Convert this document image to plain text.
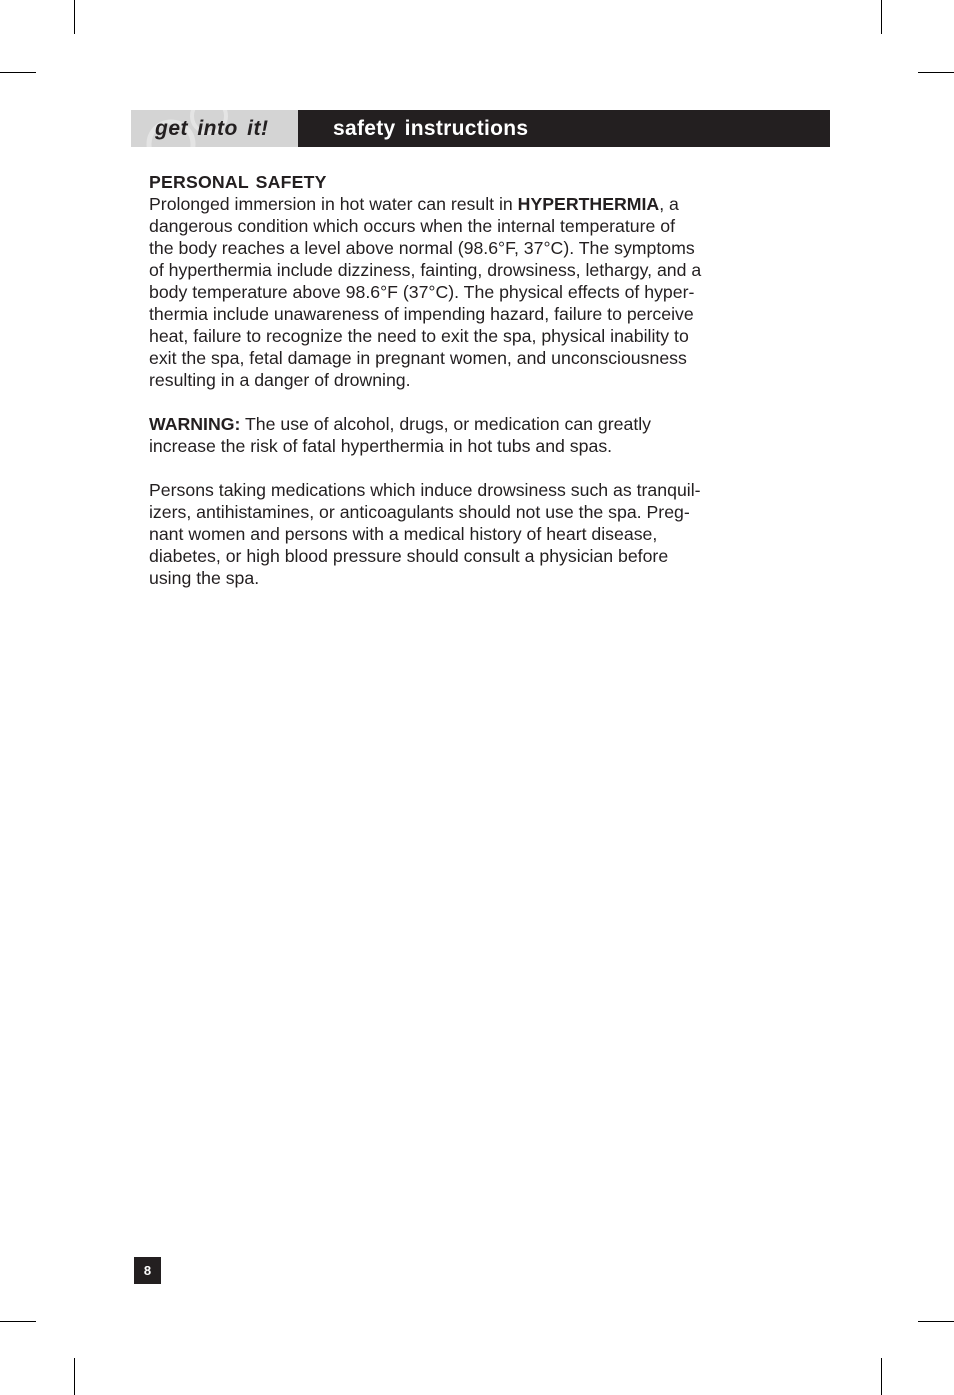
get into it!	safety instructions
PERSONAL SAFETY

Prolonged immersion in hot water can result in HYPERTHERMIA, a
dangerous condition which occurs when the internal temperature of
the body reaches a level above normal (98.6°F, 37°C). The symptoms
of hyperthermia include dizziness, fainting, drowsiness, lethargy, and a
body temperature above 98.6°F (37°C). The physical effects of hyper-
thermia include unawareness of impending hazard, failure to perceive
heat, failure to recognize the need to exit the spa, physical inability to
exit the spa, fetal damage in pregnant women, and unconsciousness
resulting in a danger of drowning.

WARNING: The use of alcohol, drugs, or medication can greatly
increase the risk of fatal hyperthermia in hot tubs and spas.

Persons taking medications which induce drowsiness such as tranquil-
izers, antihistamines, or anticoagulants should not use the spa. Preg-
nant women and persons with a medical history of heart disease,
diabetes, or high blood pressure should consult a physician before
using the spa.

8
